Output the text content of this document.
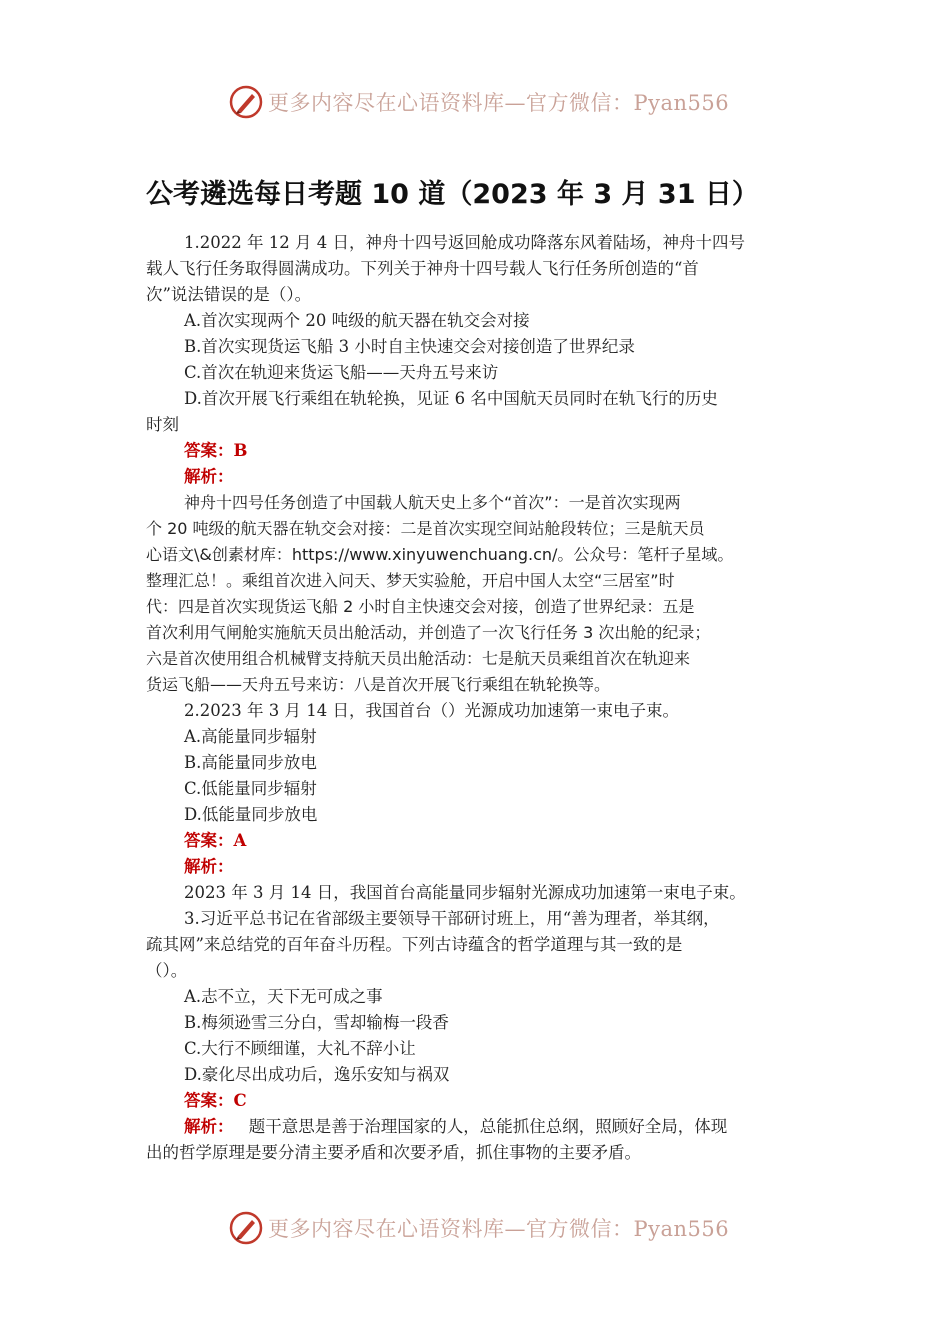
更多内容尽在心语资料库—官方微信：Pyan556
公考遴选每日考题 10 道（2023 年 3 月 31 日）
1.2022 年 12 月 4 日，神舟十四号返回舱成功降落东风着陆场，神舟十四号
载人飞行任务取得圆满成功。下列关于神舟十四号载人飞行任务所创造的“首
次”说法错误的是（）。
A.首次实现两个 20 吨级的航天器在轨交会对接
B.首次实现货运飞船 3 小时自主快速交会对接创造了世界纪录
C.首次在轨迎来货运飞船——天舟五号来访
D.首次开展飞行乘组在轨轮换，见证 6 名中国航天员同时在轨飞行的历史
时刻
答案：B
解析：
神舟十四号任务创造了中国载人航天史上多个“首次”：一是首次实现两
个 20 吨级的航天器在轨交会对接：二是首次实现空间站舱段转位；三是航天员
心语文\&创素材库：https://www.xinyuwenchuang.cn/。公众号：笔杆子星域。
整理汇总！。乘组首次进入问天、梦天实验舱，开启中国人太空“三居室”时
代：四是首次实现货运飞船 2 小时自主快速交会对接，创造了世界纪录：五是
首次利用气闸舱实施航天员出舱活动，并创造了一次飞行任务 3 次出舱的纪录；
六是首次使用组合机械臂支持航天员出舱活动：七是航天员乘组首次在轨迎来
货运飞船——天舟五号来访：八是首次开展飞行乘组在轨轮换等。
2.2023 年 3 月 14 日，我国首台（）光源成功加速第一束电子束。
A.高能量同步辐射
B.高能量同步放电
C.低能量同步辐射
D.低能量同步放电
答案：A
解析：
2023 年 3 月 14 日，我国首台高能量同步辐射光源成功加速第一束电子束。
3.习近平总书记在省部级主要领导干部研讨班上，用“善为理者，举其纲，
疏其网”来总结党的百年奋斗历程。下列古诗蕴含的哲学道理与其一致的是
（）。
A.志不立，天下无可成之事
B.梅须逊雪三分白，雪却输梅一段香
C.大行不顾细谨，大礼不辞小让
D.豪化尽出成功后，逸乐安知与祸双
答案：C
解析： 题干意思是善于治理国家的人，总能抓住总纲，照顾好全局，体现
出的哲学原理是要分清主要矛盾和次要矛盾，抓住事物的主要矛盾。
更多内容尽在心语资料库—官方微信：Pyan556
